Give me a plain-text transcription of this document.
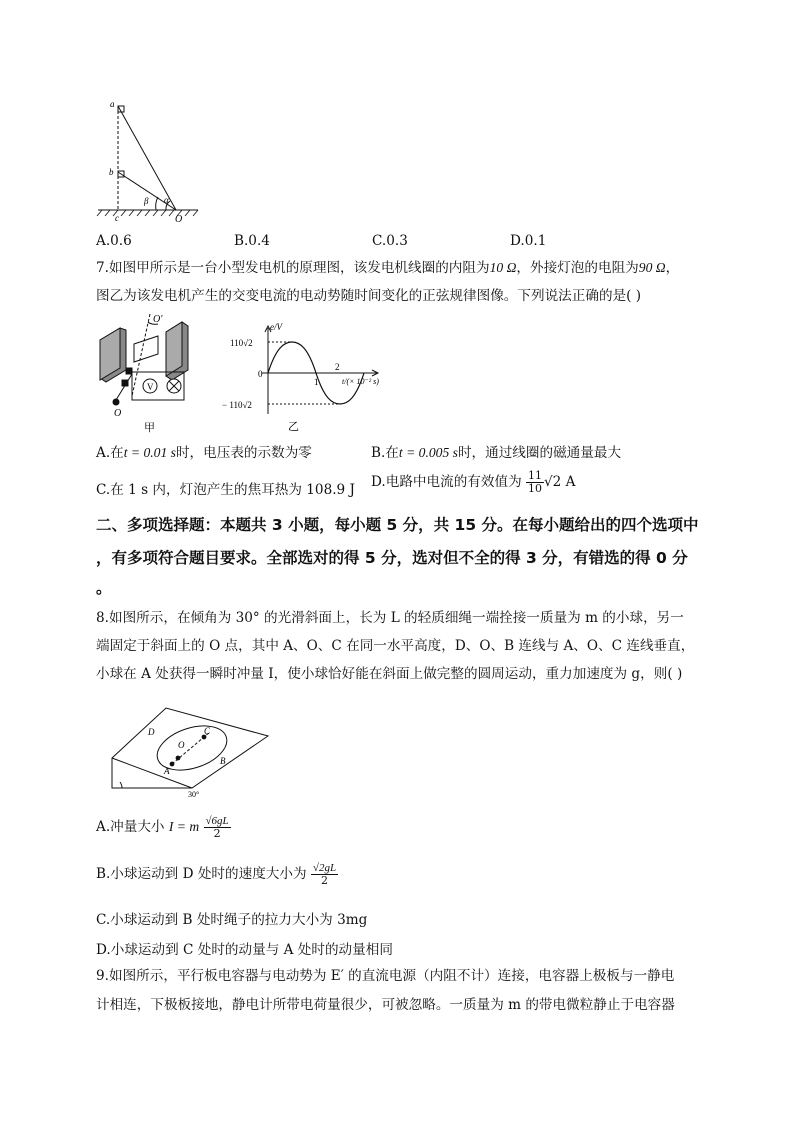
a
b
c	O
β α
A.0.6	B.0.4	C.0.3	D.0.1
7.如图甲所示是一台小型发电机的原理图，该发电机线圈的内阻为10 Ω，外接灯泡的电阻为90 Ω，
图乙为该发电机产生的交变电流的电动势随时间变化的正弦规律图像。下列说法正确的是( )
O′
O
V
甲
e/V
110√2
0
− 110√2
1
2
t/(× 10⁻² s)
乙
A.在t = 0.01 s时，电压表的示数为零	B.在t = 0.005 s时，通过线圈的磁通量最大
C.在 1 s 内，灯泡产生的焦耳热为 108.9 J D.电路中电流的有效值为 $\frac{11}{10} √2$ A
二、多项选择题：本题共 3 小题，每小题 5 分，共 15 分。在每小题给出的四个选项中
，有多项符合题目要求。全部选对的得 5 分，选对但不全的得 3 分，有错选的得 0 分
。
8.如图所示，在倾角为 30° 的光滑斜面上，长为 L 的轻质细绳一端拴接一质量为 m 的小球，另一
端固定于斜面上的 O 点，其中 A、O、C 在同一水平高度，D、O、B 连线与 A、O、C 连线垂直，
小球在 A 处获得一瞬时冲量 I，使小球恰好能在斜面上做完整的圆周运动，重力加速度为 g，则( )
D
O
C
A
B
30°
A.冲量大小 I = m $\frac{√6gL}{2}$
B.小球运动到 D 处时的速度大小为 $\frac{√2gL}{2}$
C.小球运动到 B 处时绳子的拉力大小为 3mg
D.小球运动到 C 处时的动量与 A 处时的动量相同
9.如图所示，平行板电容器与电动势为 E′ 的直流电源（内阻不计）连接，电容器上极板与一静电
计相连，下极板接地，静电计所带电荷量很少，可被忽略。一质量为 m 的带电微粒静止于电容器
